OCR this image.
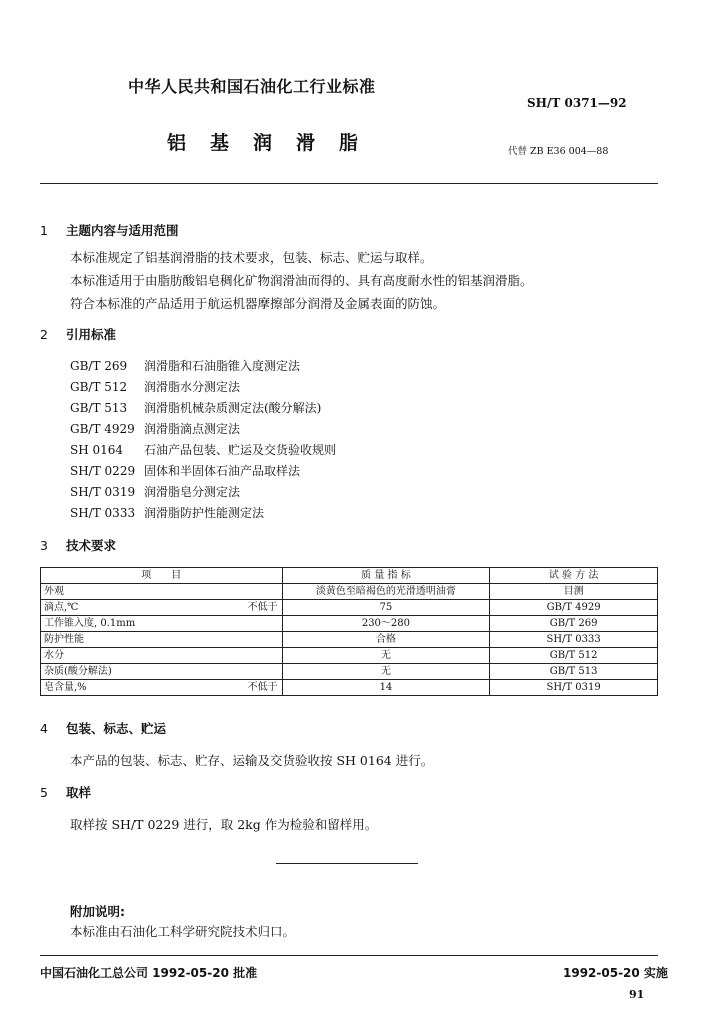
中华人民共和国石油化工行业标准
SH/T 0371—92
铝基润滑脂	代替 ZB E36 004—88
1 主题内容与适用范围
本标准规定了铝基润滑脂的技术要求，包装、标志、贮运与取样。
本标准适用于由脂肪酸铝皂稠化矿物润滑油而得的、具有高度耐水性的铝基润滑脂。
符合本标准的产品适用于航运机器摩擦部分润滑及金属表面的防蚀。
2 引用标准
GB/T 269 润滑脂和石油脂锥入度测定法
GB/T 512 润滑脂水分测定法
GB/T 513 润滑脂机械杂质测定法(酸分解法)
GB/T 4929 润滑脂滴点测定法
SH 0164 石油产品包装、贮运及交货验收规则
SH/T 0229 固体和半固体石油产品取样法
SH/T 0319 润滑脂皂分测定法
SH/T 0333 润滑脂防护性能测定法
3 技术要求
项　　目	质 量 指 标	试 验 方 法
外观	淡黄色至暗褐色的光滑透明油膏	目测
滴点,℃ 不低于	75	GB/T 4929
工作锥入度, 0.1mm	230～280	GB/T 269
防护性能	合格	SH/T 0333
水分	无	GB/T 512
杂质(酸分解法)	无	GB/T 513
皂含量,% 不低于	14	SH/T 0319
4 包装、标志、贮运
本产品的包装、标志、贮存、运输及交货验收按 SH 0164 进行。
5 取样
取样按 SH/T 0229 进行，取 2kg 作为检验和留样用。
附加说明:
本标准由石油化工科学研究院技术归口。
中国石油化工总公司 1992-05-20 批准	1992-05-20 实施
91
